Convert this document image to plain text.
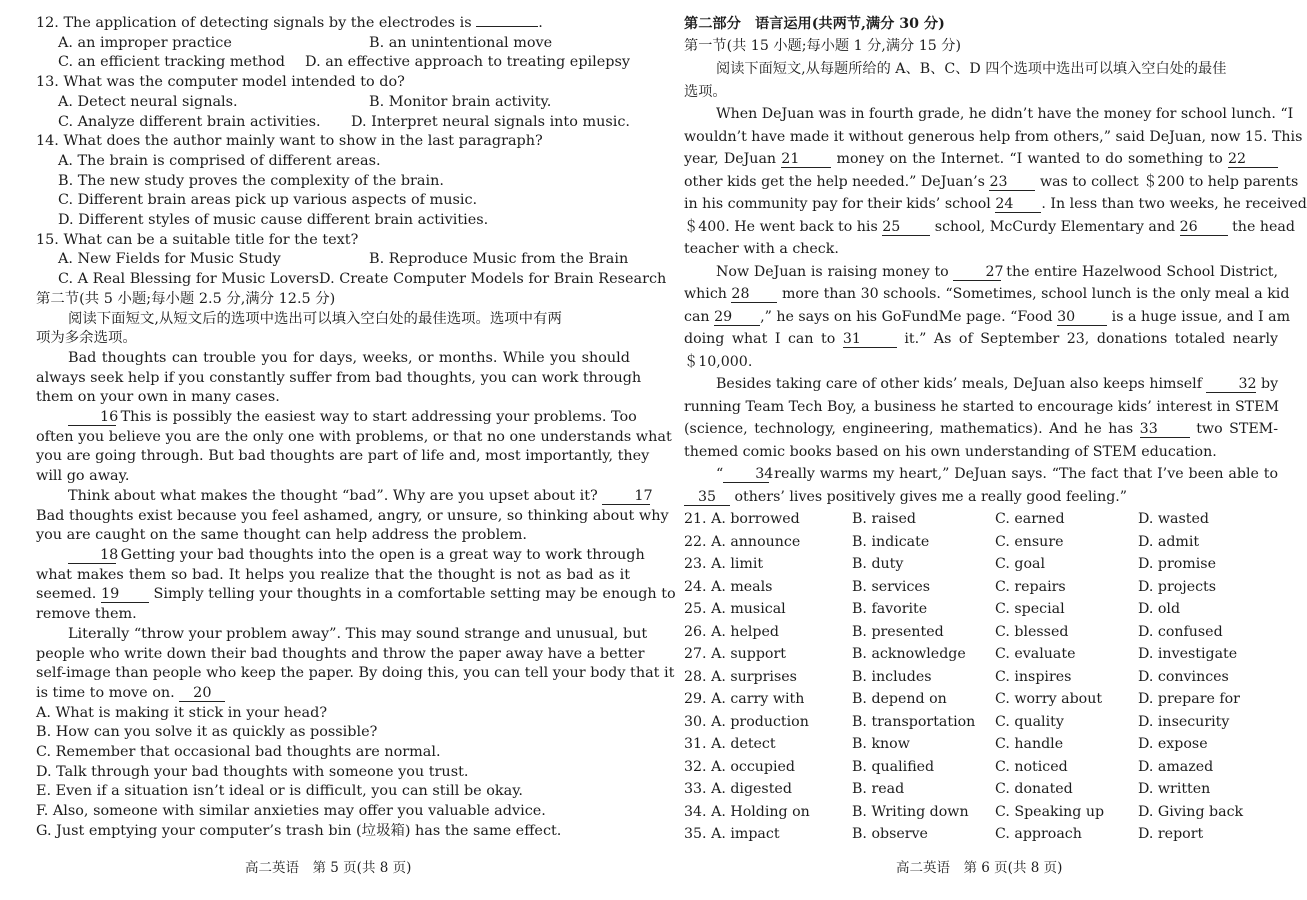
12. The application of detecting signals by the electrodes is	.
A. an improper practice	B. an unintentional move
C. an efficient tracking method	D. an effective approach to treating epilepsy
13. What was the computer model intended to do?
A. Detect neural signals.	B. Monitor brain activity.
C. Analyze different brain activities.	D. Interpret neural signals into music.
14. What does the author mainly want to show in the last paragraph?
A. The brain is comprised of different areas.
B. The new study proves the complexity of the brain.
C. Different brain areas pick up various aspects of music.
D. Different styles of music cause different brain activities.
15. What can be a suitable title for the text?
A. New Fields for Music Study	B. Reproduce Music from the Brain
C. A Real Blessing for Music Lovers D. Create Computer Models for Brain Research
第二节(共 5 小题;每小题 2.5 分,满分 12.5 分)
阅读下面短文,从短文后的选项中选出可以填入空白处的最佳选项。选项中有两
项为多余选项。
Bad thoughts can trouble you for days, weeks, or months. While you should
always seek help if you constantly suffer from bad thoughts, you can work through
them on your own in many cases.
16 This is possibly the easiest way to start addressing your problems. Too
often you believe you are the only one with problems, or that no one understands what
you are going through. But bad thoughts are part of life and, most importantly, they
will go away.
Think about what makes the thought “bad”. Why are you upset about it?	17
Bad thoughts exist because you feel ashamed, angry, or unsure, so thinking about why
you are caught on the same thought can help address the problem.
18 Getting your bad thoughts into the open is a great way to work through
what makes them so bad. It helps you realize that the thought is not as bad as it
seemed. 19 Simply telling your thoughts in a comfortable setting may be enough to
remove them.
Literally “throw your problem away”. This may sound strange and unusual, but
people who write down their bad thoughts and throw the paper away have a better
self-image than people who keep the paper. By doing this, you can tell your body that it
is time to move on. 20
A. What is making it stick in your head?
B. How can you solve it as quickly as possible?
C. Remember that occasional bad thoughts are normal.
D. Talk through your bad thoughts with someone you trust.
E. Even if a situation isn’t ideal or is difficult, you can still be okay.
F. Also, someone with similar anxieties may offer you valuable advice.
G. Just emptying your computer’s trash bin (垃圾箱) has the same effect.
高二英语　第 5 页(共 8 页)
第二部分　语言运用(共两节,满分 30 分)
第一节(共 15 小题;每小题 1 分,满分 15 分)
阅读下面短文,从每题所给的 A、B、C、D 四个选项中选出可以填入空白处的最佳
选项。
When DeJuan was in fourth grade, he didn’t have the money for school lunch. “I
wouldn’t have made it without generous help from others,” said DeJuan, now 15. This
year, DeJuan 21	money on the Internet. “I wanted to do something to 22
other kids get the help needed.” DeJuan’s 23 was to collect ＄200 to help parents
in his community pay for their kids’ school 24 . In less than two weeks, he received
＄400. He went back to his 25 school, McCurdy Elementary and 26 the head
teacher with a check.
Now DeJuan is raising money to	27 the entire Hazelwood School District,
which 28 more than 30 schools. “Sometimes, school lunch is the only meal a kid
can 29 ,” he says on his GoFundMe page. “Food 30	is a huge issue, and I am
doing what I can to 31	it.” As of September 23, donations totaled nearly
＄10,000.
Besides taking care of other kids’ meals, DeJuan also keeps himself	32 by
running Team Tech Boy, a business he started to encourage kids’ interest in STEM
(science, technology, engineering, mathematics). And he has 33	two STEM-
themed comic books based on his own understanding of STEM education.
“ 34 really warms my heart,” DeJuan says. “The fact that I’ve been able to
35 others’ lives positively gives me a really good feeling.”
21. A. borrowed	B. raised	C. earned	D. wasted
22. A. announce	B. indicate	C. ensure	D. admit
23. A. limit	B. duty	C. goal	D. promise
24. A. meals	B. services	C. repairs	D. projects
25. A. musical	B. favorite	C. special	D. old
26. A. helped	B. presented	C. blessed	D. confused
27. A. support	B. acknowledge	C. evaluate	D. investigate
28. A. surprises	B. includes	C. inspires	D. convinces
29. A. carry with	B. depend on	C. worry about	D. prepare for
30. A. production	B. transportation	C. quality	D. insecurity
31. A. detect	B. know	C. handle	D. expose
32. A. occupied	B. qualified	C. noticed	D. amazed
33. A. digested	B. read	C. donated	D. written
34. A. Holding on	B. Writing down	C. Speaking up	D. Giving back
35. A. impact	B. observe	C. approach	D. report
高二英语　第 6 页(共 8 页)
